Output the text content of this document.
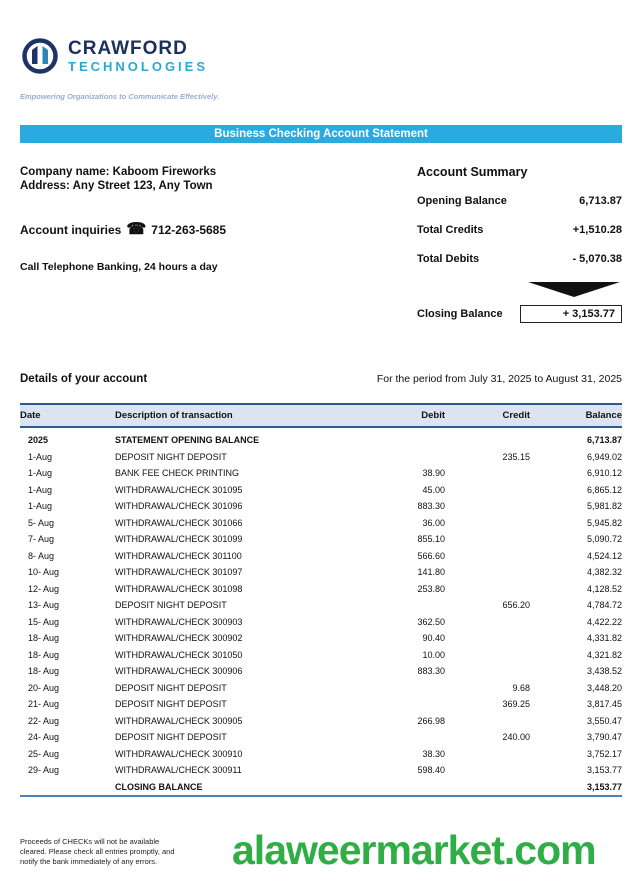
CRAWFORD
TECHNOLOGIES
Empowering Organizations to Communicate Effectively.
Business Checking Account Statement
Company name: Kaboom Fireworks
Address: Any Street 123, Any Town
Account inquiries ☎ 712-263-5685
Call Telephone Banking, 24 hours a day
Account Summary
Opening Balance	6,713.87
Total Credits	+1,510.28
Total Debits	- 5,070.38
Closing Balance	+ 3,153.77
Details of your account	For the period from July 31, 2025 to August 31, 2025
Date	Description of transaction	Debit	Credit	Balance
2025	STATEMENT OPENING BALANCE			6,713.87
1-Aug	DEPOSIT NIGHT DEPOSIT		235.15	6,949.02
1-Aug	BANK FEE CHECK PRINTING	38.90		6,910.12
1-Aug	WITHDRAWAL/CHECK 301095	45.00		6,865.12
1-Aug	WITHDRAWAL/CHECK 301096	883.30		5,981.82
5- Aug	WITHDRAWAL/CHECK 301066	36.00		5,945.82
7- Aug	WITHDRAWAL/CHECK 301099	855.10		5,090.72
8- Aug	WITHDRAWAL/CHECK 301100	566.60		4,524.12
10- Aug	WITHDRAWAL/CHECK 301097	141.80		4,382.32
12- Aug	WITHDRAWAL/CHECK 301098	253.80		4,128.52
13- Aug	DEPOSIT NIGHT DEPOSIT		656.20	4,784.72
15- Aug	WITHDRAWAL/CHECK 300903	362.50		4,422.22
18- Aug	WITHDRAWAL/CHECK 300902	90.40		4,331.82
18- Aug	WITHDRAWAL/CHECK 301050	10.00		4,321.82
18- Aug	WITHDRAWAL/CHECK 300906	883.30		3,438.52
20- Aug	DEPOSIT NIGHT DEPOSIT		9.68	3,448.20
21- Aug	DEPOSIT NIGHT DEPOSIT		369.25	3,817.45
22- Aug	WITHDRAWAL/CHECK 300905	266.98		3,550.47
24- Aug	DEPOSIT NIGHT DEPOSIT		240.00	3,790.47
25- Aug	WITHDRAWAL/CHECK 300910	38.30		3,752.17
29- Aug	WITHDRAWAL/CHECK 300911	598.40		3,153.77
	CLOSING BALANCE			3,153.77
Proceeds of CHECKs will not be available
cleared. Please check all entries promptly, and
notify the bank immediately of any errors.	alaweermarket.com
